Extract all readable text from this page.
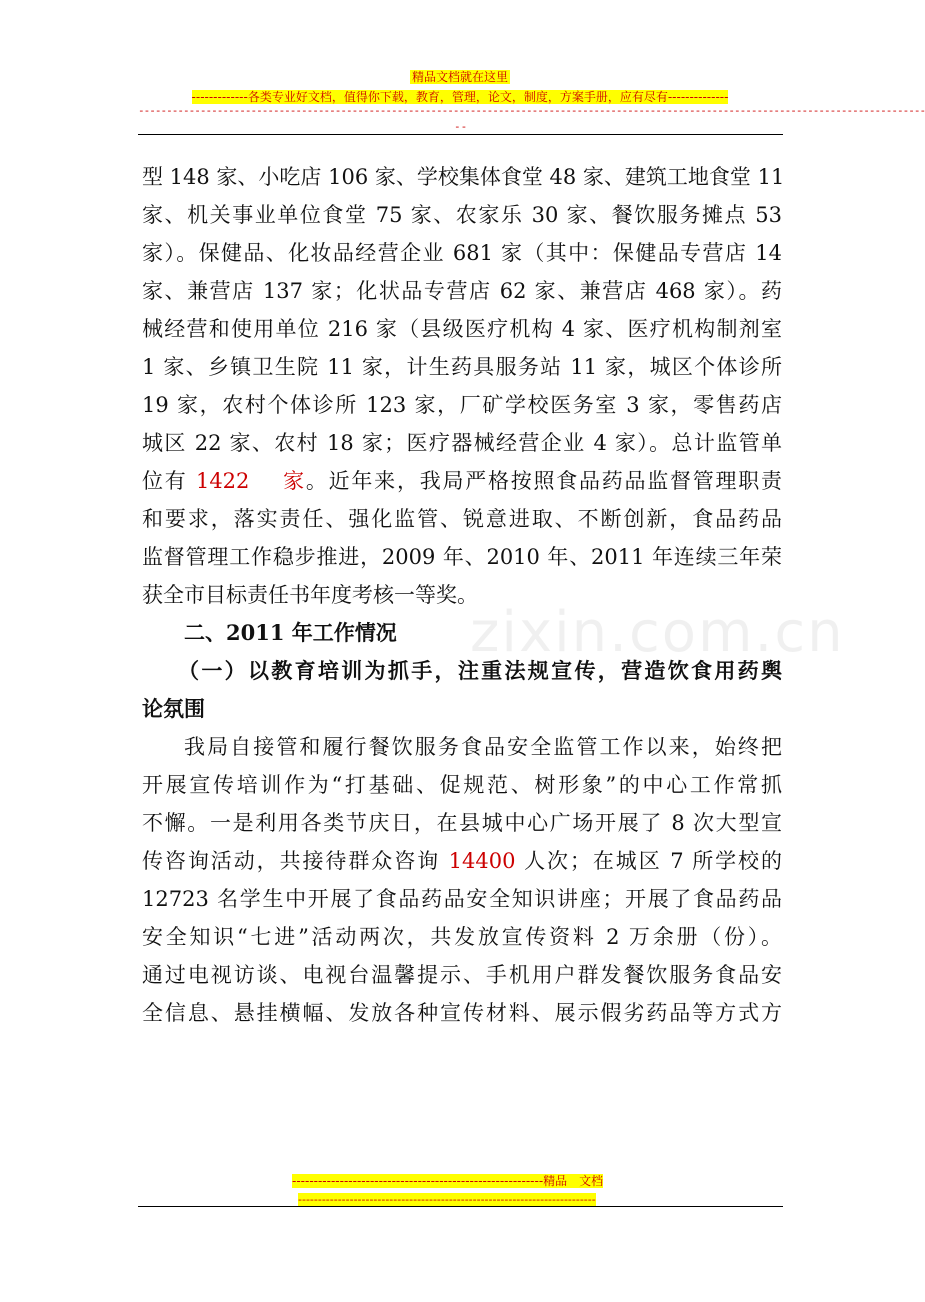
精品文档就在这里
-------------各类专业好文档，值得你下载，教育，管理，论文，制度，方案手册，应有尽有--------------
--------------------------------------------------------------------------------------------------------------------------------------------
--
zixin.com.cn
型 148 家、小吃店 106 家、学校集体食堂 48 家、建筑工地食堂 11
家、机关事业单位食堂 75 家、农家乐 30 家、餐饮服务摊点 53
家）。保健品、化妆品经营企业 681 家（其中：保健品专营店 14
家、兼营店 137 家；化状品专营店 62 家、兼营店 468 家）。药
械经营和使用单位 216 家（县级医疗机构 4 家、医疗机构制剂室
1 家、乡镇卫生院 11 家，计生药具服务站 11 家，城区个体诊所
19 家，农村个体诊所 123 家，厂矿学校医务室 3 家，零售药店
城区 22 家、农村 18 家；医疗器械经营企业 4 家）。总计监管单
位有 1422 家。近年来，我局严格按照食品药品监督管理职责
和要求，落实责任、强化监管、锐意进取、不断创新，食品药品
监督管理工作稳步推进，2009 年、2010 年、2011 年连续三年荣
获全市目标责任书年度考核一等奖。
二、2011 年工作情况
（一）以教育培训为抓手，注重法规宣传，营造饮食用药舆
论氛围
我局自接管和履行餐饮服务食品安全监管工作以来，始终把
开展宣传培训作为“打基础、促规范、树形象”的中心工作常抓
不懈。一是利用各类节庆日，在县城中心广场开展了 8 次大型宣
传咨询活动，共接待群众咨询 14400 人次；在城区 7 所学校的
12723 名学生中开展了食品药品安全知识讲座；开展了食品药品
安全知识“七进”活动两次，共发放宣传资料 2 万余册（份）。
通过电视访谈、电视台温馨提示、手机用户群发餐饮服务食品安
全信息、悬挂横幅、发放各种宣传材料、展示假劣药品等方式方
----------------------------------------------------------精品　文档
---------------------------------------------------------------------------
